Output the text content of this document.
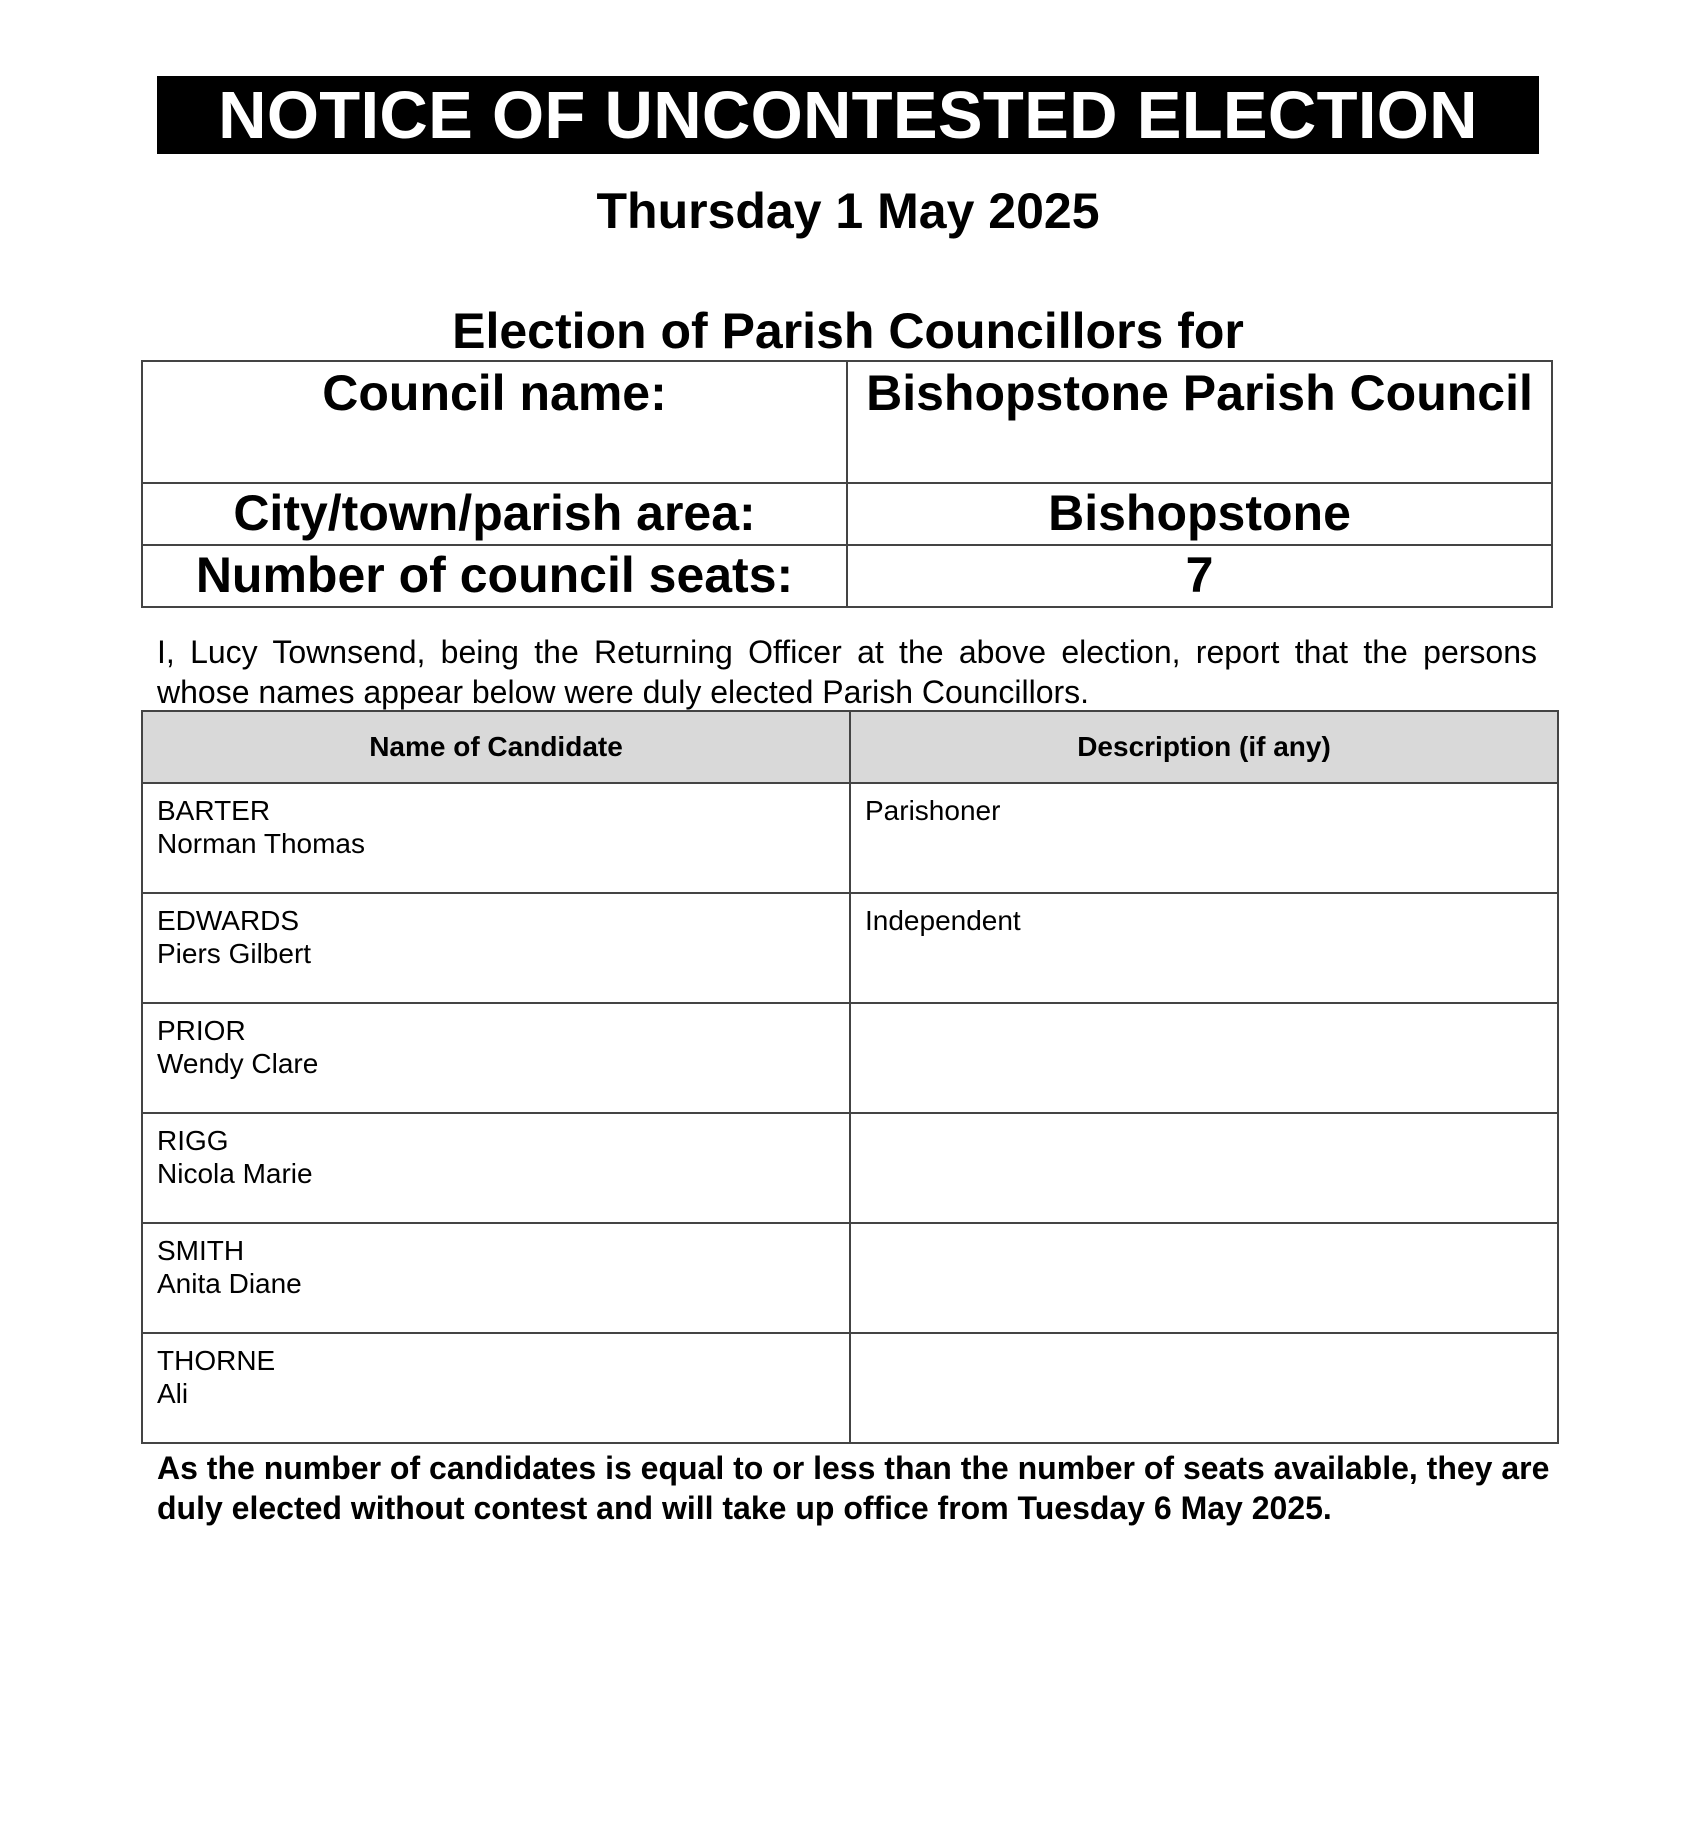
NOTICE OF UNCONTESTED ELECTION
Thursday 1 May 2025
Election of Parish Councillors for
Council name:	Bishopstone Parish Council
City/town/parish area:	Bishopstone
Number of council seats:	7
I, Lucy Townsend, being the Returning Officer at the above election, report that the persons whose names appear below were duly elected Parish Councillors.
Name of Candidate	Description (if any)

BARTER
Norman Thomas	Parishoner

EDWARDS
Piers Gilbert	Independent

PRIOR
Wendy Clare	

RIGG
Nicola Marie	

SMITH
Anita Diane	

THORNE
Ali	

As the number of candidates is equal to or less than the number of seats available, they are duly elected without contest and will take up office from Tuesday 6 May 2025.
